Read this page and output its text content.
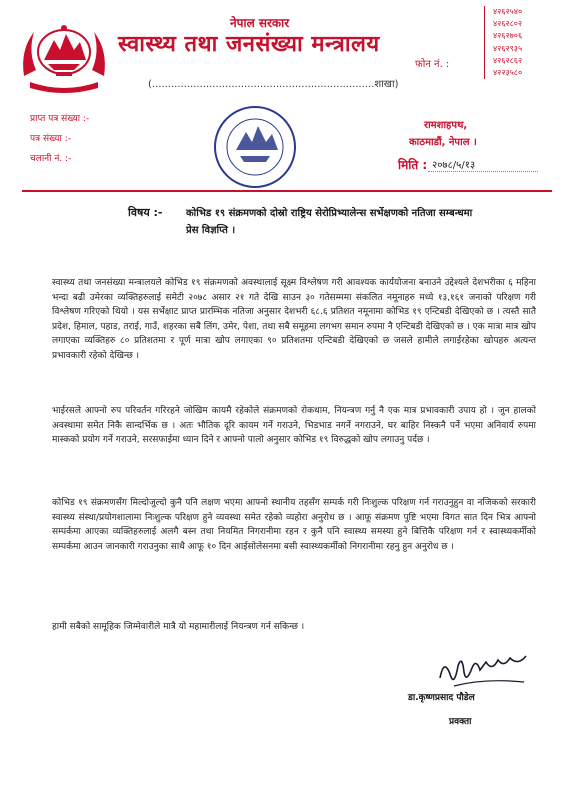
नेपाल सरकार
स्वास्थ्य तथा जनसंख्या मन्त्रालय
(......................................................................शाखा)
फोन नं. :
४२६२५४०
४२६२८०२
४२६२७०६
४२६२९३५
४२६२८६२
४२२३५८०
प्राप्त पत्र संख्या :-
पत्र संख्या :-
चलानी नं. :-
रामशाहपथ,
काठमाडौं, नेपाल ।
मिति : २०७८/५/१३
विषय :- कोभिड १९ संक्रमणको दोस्रो राष्ट्रिय सेरोप्रिभ्यालेन्स सर्भेक्षणको नतिजा सम्बन्धमा प्रेस विज्ञप्ति ।
स्वास्थ्य तथा जनसंख्या मन्त्रालयले कोभिड १९ संक्रमणको अवस्थालाई सूक्ष्म विश्लेषण गरी आवश्यक कार्ययोजना बनाउने उद्देश्यले देशभरीका ६ महिना भन्दा बढी उमेरका व्यक्तिहरुलाई समेटी २०७८ असार २१ गते देखि साउन ३० गतेसम्ममा संकलित नमूनाहरु मध्ये १३,१६१ जनाको परिक्षण गरी विश्लेषण गरिएको थियो । यस सर्भेक्षाट प्राप्त प्रारम्भिक नतिजा अनुसार देशभरी ६८.६ प्रतिशत नमूनामा कोभिड १९ एन्टिबडी देखिएको छ । त्यस्तै सातै प्रदेश, हिमाल, पहाड, तराई, गाउँ, शहरका सबै लिंग, उमेर, पेशा, तथा सबै समूहमा लगभग समान रुपमा नै एन्टिबडी देखिएको छ । एक मात्रा मात्र खोप लगाएका व्यक्तिहरु ८० प्रतिशतमा र पूर्ण मात्रा खोप लगाएका ९० प्रतिशतमा एन्टिबडी देखिएको छ जसले हामीले लगाईरहेका खोपहरु अत्यन्त प्रभावकारी रहेको देखिन्छ ।
भाईरसले आफ्नो रुप परिवर्तन गरिरहने जोखिम कायमै रहेकोले संक्रमणको रोकथाम, नियन्त्रण गर्नु नै एक मात्र प्रभावकारी उपाय हो । जुन हालको अवस्थामा समेत निकै सान्दर्भिक छ । अतः भौतिक दूरि कायम गर्ने गराउने, भिडभाड नगर्ने नगराउने, घर बाहिर निस्कनै पर्ने भएमा अनिवार्य रुपमा मास्कको प्रयोग गर्ने गराउने, सरसफाईमा ध्यान दिने र आफ्नो पालो अनुसार कोभिड १९ विरुद्धको खोप लगाउनु पर्दछ ।
कोभिड १९ संक्रमणसँग मिल्दोजुल्दो कुनै पनि लक्षण भएमा आफ्नो स्थानीय तहसँग सम्पर्क गरी निःशुल्क परिक्षण गर्न गराउनुहुन वा नजिकको सरकारी स्वास्थ्य संस्था/प्रयोगशालामा निःशुल्क परिक्षण हुने व्यवस्था समेत रहेको व्यहोरा अनुरोध छ । आफू संक्रमण पुष्टि भएमा विगत सात दिन भित्र आफ्नो सम्पर्कमा आएका व्यक्तिहरुलाई अलगै बस्न तथा नियमित निगरानीमा रहन र कुनै पनि स्वास्थ्य समस्या हुने बित्तिकै परिक्षण गर्न र स्वास्थ्यकर्मीको सम्पर्कमा आउन जानकारी गराउनुका साथै आफू १० दिन आईसोलेसनमा बसी स्वास्थ्यकर्मीको निगरानीमा रहनु हुन अनुरोध छ ।
हामी सबैको सामूहिक जिम्मेवारीले मात्रै यो महामारीलाई नियन्त्रण गर्न सकिन्छ ।
डा.कृष्णप्रसाद पौडेल
प्रवक्ता
